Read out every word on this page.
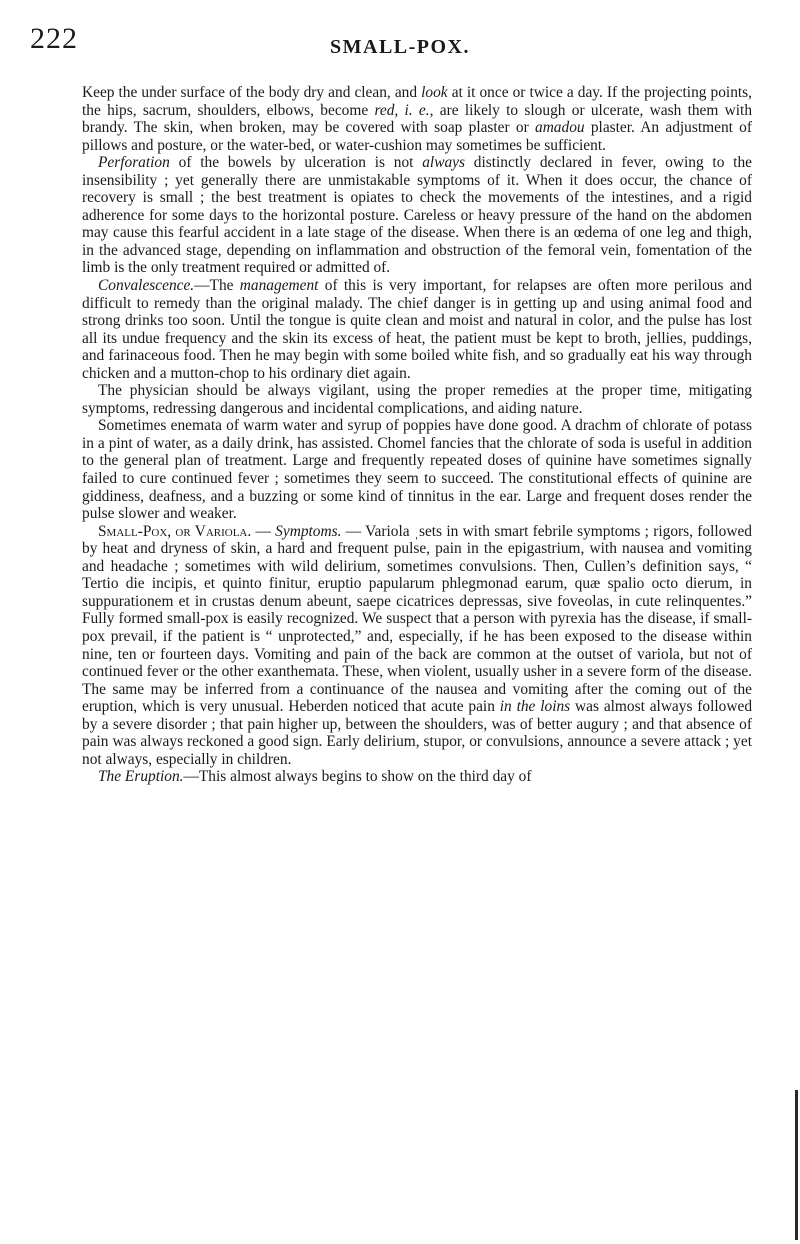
222	SMALL-POX.

Keep the under surface of the body dry and clean, and look at it once or twice a day. If the projecting points, the hips, sacrum, shoulders, elbows, become red, i. e., are likely to slough or ulcerate, wash them with brandy. The skin, when broken, may be covered with soap plaster or amadou plaster. An adjustment of pillows and posture, or the water-bed, or water-cushion may sometimes be sufficient.

Perforation of the bowels by ulceration is not always distinctly declared in fever, owing to the insensibility ; yet generally there are unmistakable symptoms of it. When it does occur, the chance of recovery is small ; the best treatment is opiates to check the movements of the intestines, and a rigid adherence for some days to the horizontal posture. Careless or heavy pressure of the hand on the abdomen may cause this fearful accident in a late stage of the disease. When there is an œdema of one leg and thigh, in the advanced stage, depending on inflammation and obstruction of the femoral vein, fomentation of the limb is the only treatment required or admitted of.

Convalescence.—The management of this is very important, for relapses are often more perilous and difficult to remedy than the original malady. The chief danger is in getting up and using animal food and strong drinks too soon. Until the tongue is quite clean and moist and natural in color, and the pulse has lost all its undue frequency and the skin its excess of heat, the patient must be kept to broth, jellies, puddings, and farinaceous food. Then he may begin with some boiled white fish, and so gradually eat his way through chicken and a mutton-chop to his ordinary diet again.

The physician should be always vigilant, using the proper remedies at the proper time, mitigating symptoms, redressing dangerous and incidental complications, and aiding nature.

Sometimes enemata of warm water and syrup of poppies have done good. A drachm of chlorate of potass in a pint of water, as a daily drink, has assisted. Chomel fancies that the chlorate of soda is useful in addition to the general plan of treatment. Large and frequently repeated doses of quinine have sometimes signally failed to cure continued fever ; sometimes they seem to succeed. The constitutional effects of quinine are giddiness, deafness, and a buzzing or some kind of tinnitus in the ear. Large and frequent doses render the pulse slower and weaker.

Small-Pox, or Variola. — Symptoms. — Variola ˌsets in with smart febrile symptoms ; rigors, followed by heat and dryness of skin, a hard and frequent pulse, pain in the epigastrium, with nausea and vomiting and headache ; sometimes with wild delirium, sometimes convulsions. Then, Cullen’s definition says, “ Tertio die incipis, et quinto finitur, eruptio papularum phlegmonad earum, quæ spalio octo dierum, in suppurationem et in crustas denum abeunt, saepe cicatrices depressas, sive foveolas, in cute relinquentes.” Fully formed small-pox is easily recognized. We suspect that a person with pyrexia has the disease, if small-pox prevail, if the patient is “ unprotected,” and, especially, if he has been exposed to the disease within nine, ten or fourteen days. Vomiting and pain of the back are common at the outset of variola, but not of continued fever or the other exanthemata. These, when violent, usually usher in a severe form of the disease. The same may be inferred from a continuance of the nausea and vomiting after the coming out of the eruption, which is very unusual. Heberden noticed that acute pain in the loins was almost always followed by a severe disorder ; that pain higher up, between the shoulders, was of better augury ; and that absence of pain was always reckoned a good sign. Early delirium, stupor, or convulsions, announce a severe attack ; yet not always, especially in children.

The Eruption.—This almost always begins to show on the third day of
